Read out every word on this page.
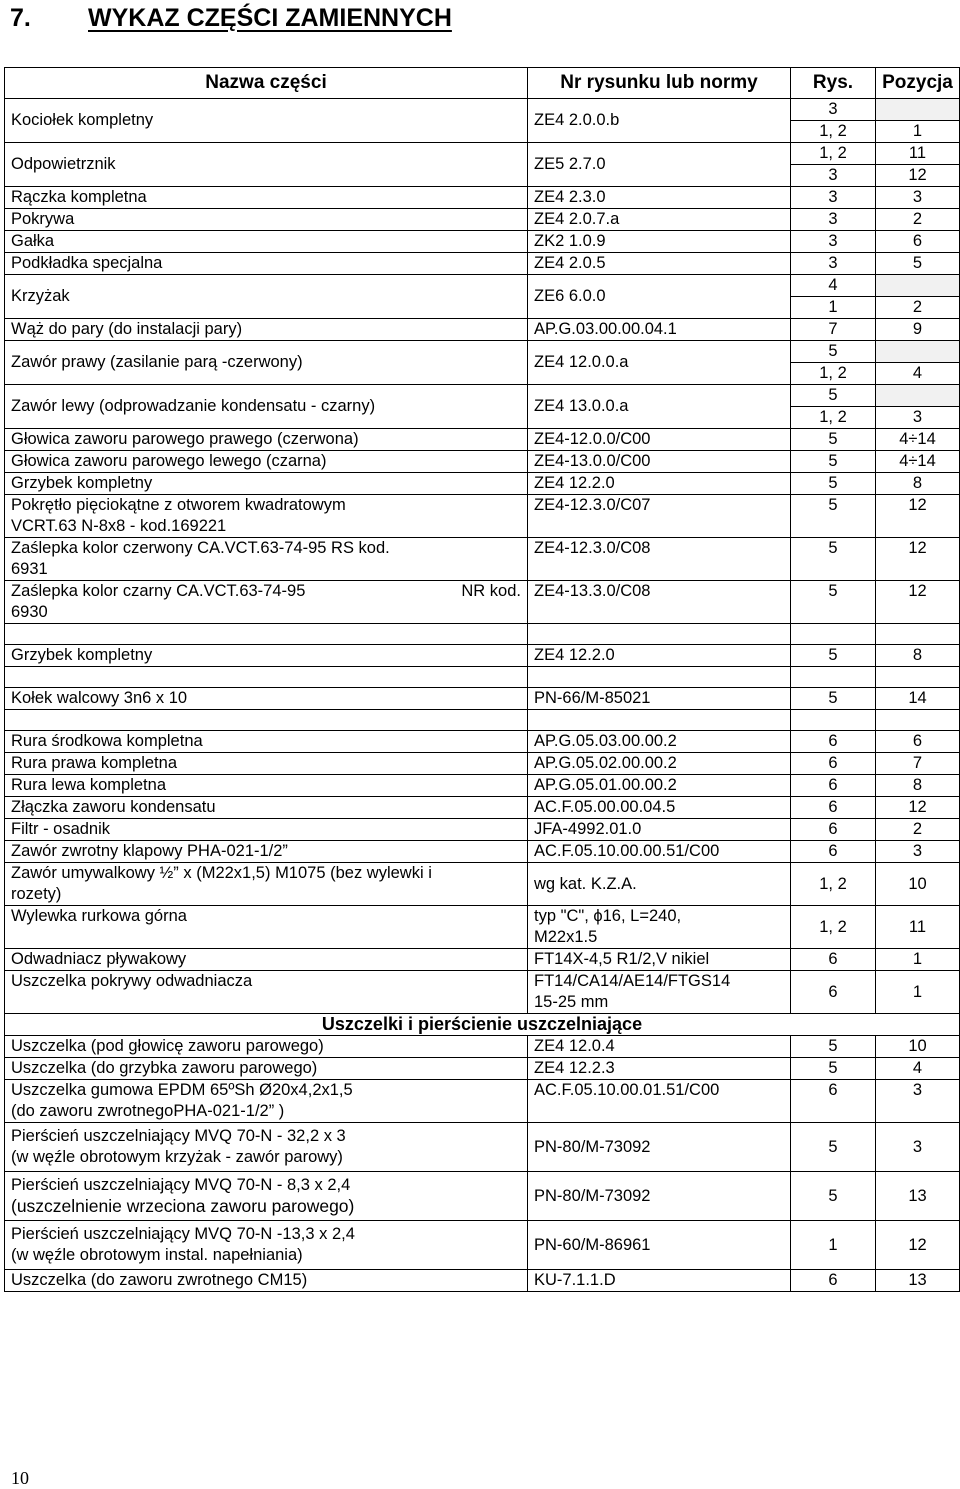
7. WYKAZ CZĘŚCI ZAMIENNYCH
Nazwa części	Nr rysunku lub normy	Rys.	Pozycja
Kociołek kompletny	ZE4 2.0.0.b	3	
		1, 2	1
Odpowietrznik	ZE5 2.7.0	1, 2	11
		3	12
Rączka kompletna	ZE4 2.3.0	3	3
Pokrywa	ZE4 2.0.7.a	3	2
Gałka	ZK2 1.0.9	3	6
Podkładka specjalna	ZE4 2.0.5	3	5
Krzyżak	ZE6 6.0.0	4	
		1	2
Wąż do pary (do instalacji pary)	AP.G.03.00.00.04.1	7	9
Zawór prawy (zasilanie parą -czerwony)	ZE4 12.0.0.a	5	
		1, 2	4
Zawór lewy (odprowadzanie kondensatu - czarny)	ZE4 13.0.0.a	5	
		1, 2	3
Głowica zaworu parowego prawego (czerwona)	ZE4-12.0.0/C00	5	4÷14
Głowica zaworu parowego lewego (czarna)	ZE4-13.0.0/C00	5	4÷14
Grzybek kompletny	ZE4 12.2.0	5	8

Pokrętło pięciokątne z otworem kwadratowym
VCRT.63 N-8x8 - kod.169221	ZE4-12.3.0/C07	5	12

Zaślepka kolor czerwony CA.VCT.63-74-95 RS kod.
6931	ZE4-12.3.0/C08	5	12

Zaślepka kolor czarny CA.VCT.63-74-95 NR kod.
6930	ZE4-13.3.0/C08	5	12

Grzybek kompletny	ZE4 12.2.0	5	8

Kołek walcowy 3n6 x 10	PN-66/M-85021	5	14

Rura środkowa kompletna	AP.G.05.03.00.00.2	6	6
Rura prawa kompletna	AP.G.05.02.00.00.2	6	7
Rura lewa kompletna	AP.G.05.01.00.00.2	6	8
Złączka zaworu kondensatu	AC.F.05.00.00.04.5	6	12
Filtr - osadnik	JFA-4992.01.0	6	2
Zawór zwrotny klapowy PHA-021-1/2”	AC.F.05.10.00.00.51/C00	6	3

Zawór umywalkowy ½” x (M22x1,5) M1075 (bez wylewki i
rozety)	wg kat. K.Z.A.	1, 2	10
Wylewka rurkowa górna	typ "C", ϕ16, L=240,
M22x1.5	1, 2	11
Odwadniacz pływakowy	FT14X-4,5 R1/2,V nikiel	6	1
Uszczelka pokrywy odwadniacza	FT14/CA14/AE14/FTGS14
15-25 mm	6	1
Uszczelki i pierścienie uszczelniające			
Uszczelka (pod głowicę zaworu parowego)	ZE4 12.0.4	5	10
Uszczelka (do grzybka zaworu parowego)	ZE4 12.2.3	5	4

Uszczelka gumowa EPDM 65ºSh Ø20x4,2x1,5
(do zaworu zwrotnegoPHA-021-1/2” )	AC.F.05.10.00.01.51/C00	6	3

Pierścień uszczelniający MVQ 70-N - 32,2 x 3
(w węźle obrotowym krzyżak - zawór parowy)	PN-80/M-73092	5	3

Pierścień uszczelniający MVQ 70-N - 8,3 x 2,4
(uszczelnienie wrzeciona zaworu parowego)	PN-80/M-73092	5	13

Pierścień uszczelniający MVQ 70-N -13,3 x 2,4
(w węźle obrotowym instal. napełniania)	PN-60/M-86961	1	12
Uszczelka (do zaworu zwrotnego CM15)	KU-7.1.1.D	6	13
10
